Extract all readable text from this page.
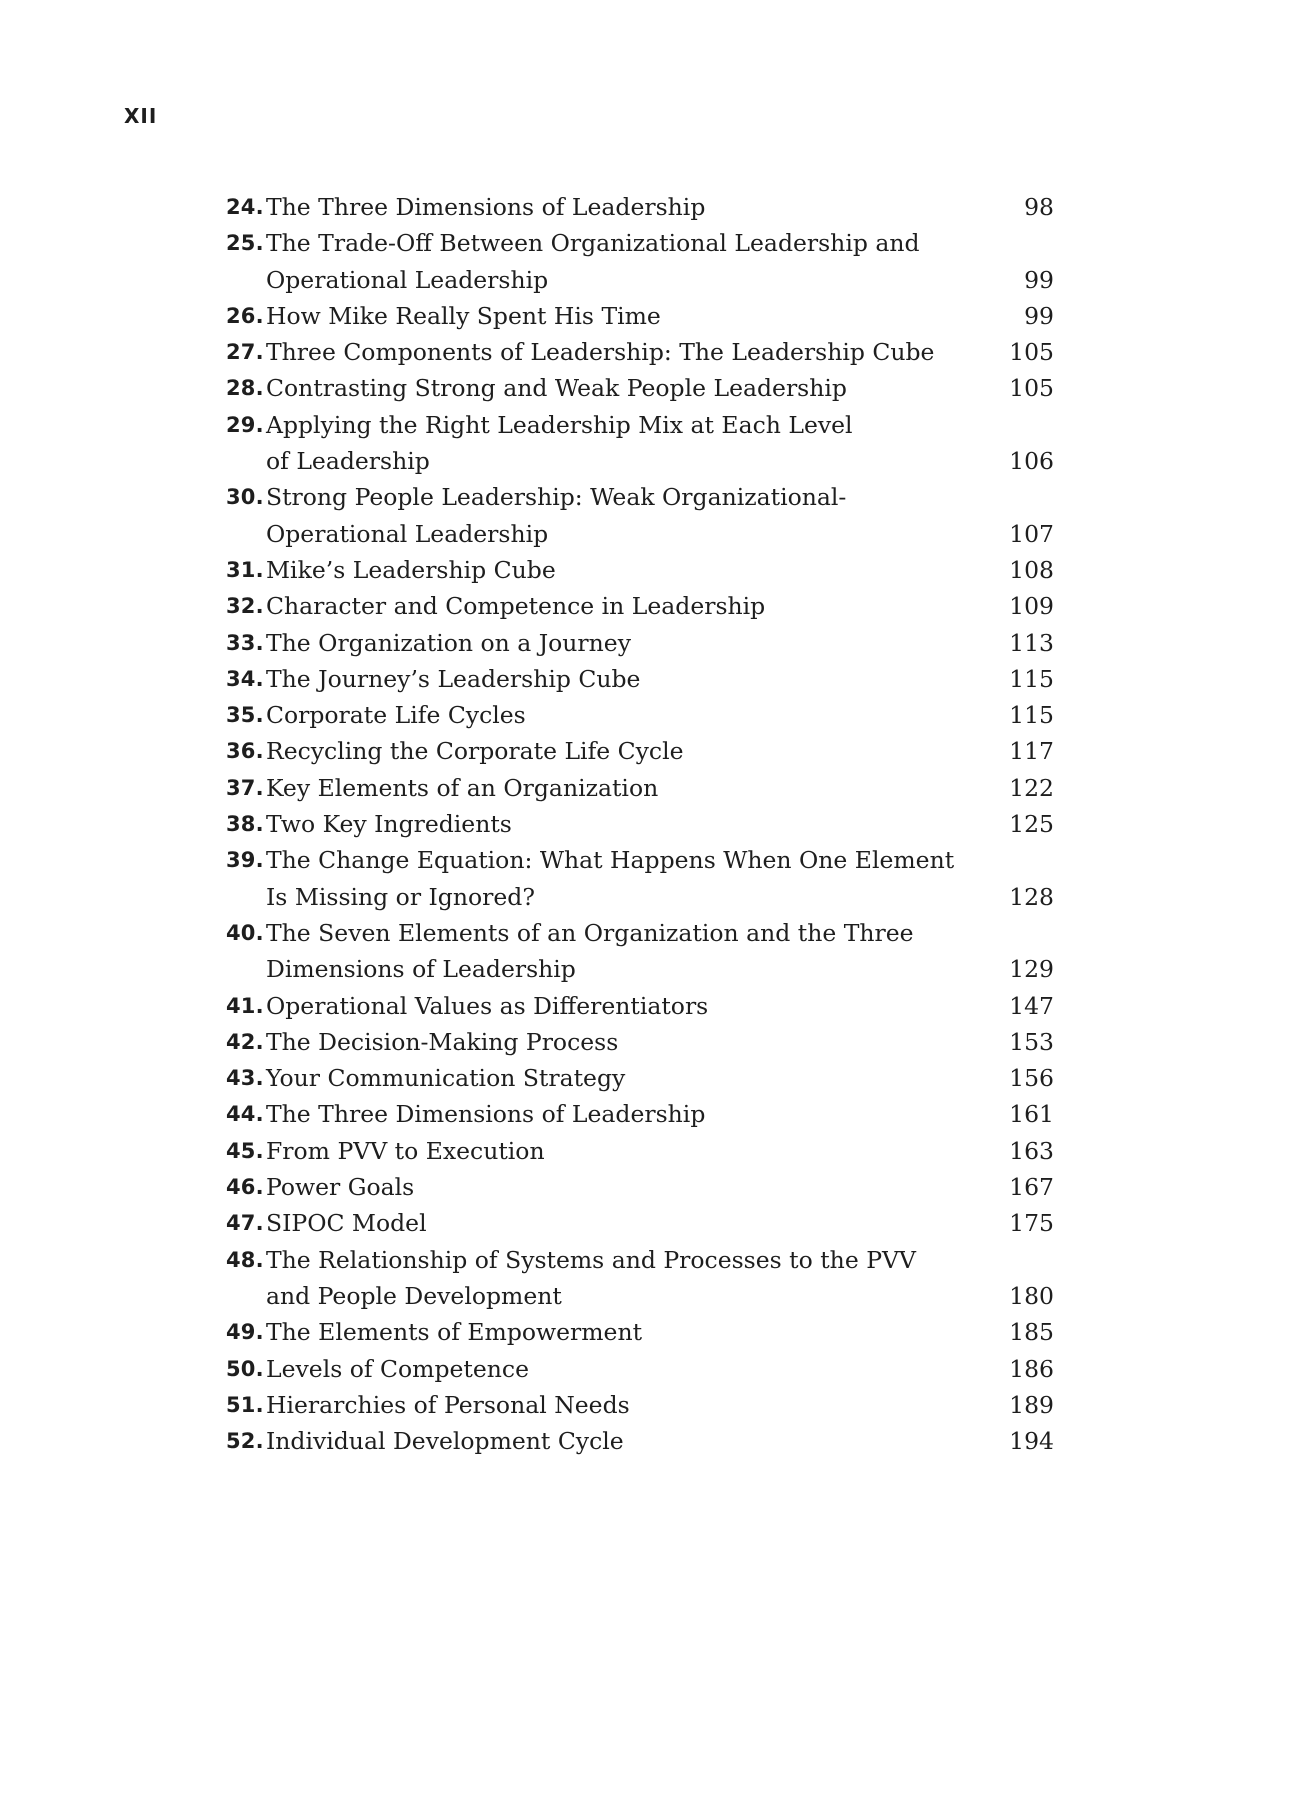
XII
24. The Three Dimensions of Leadership	98
25. The Trade-Off Between Organizational Leadership and
Operational Leadership	99
26. How Mike Really Spent His Time	99
27. Three Components of Leadership: The Leadership Cube	105
28. Contrasting Strong and Weak People Leadership	105
29. Applying the Right Leadership Mix at Each Level
of Leadership	106
30. Strong People Leadership: Weak Organizational-
Operational Leadership	107
31. Mike’s Leadership Cube	108
32. Character and Competence in Leadership	109
33. The Organization on a Journey	113
34. The Journey’s Leadership Cube	115
35. Corporate Life Cycles	115
36. Recycling the Corporate Life Cycle	117
37. Key Elements of an Organization	122
38. Two Key Ingredients	125
39. The Change Equation: What Happens When One Element
Is Missing or Ignored?	128
40. The Seven Elements of an Organization and the Three
Dimensions of Leadership	129
41. Operational Values as Differentiators	147
42. The Decision-Making Process	153
43. Your Communication Strategy	156
44. The Three Dimensions of Leadership	161
45. From PVV to Execution	163
46. Power Goals	167
47. SIPOC Model	175
48. The Relationship of Systems and Processes to the PVV
and People Development	180
49. The Elements of Empowerment	185
50. Levels of Competence	186
51. Hierarchies of Personal Needs	189
52. Individual Development Cycle	194
